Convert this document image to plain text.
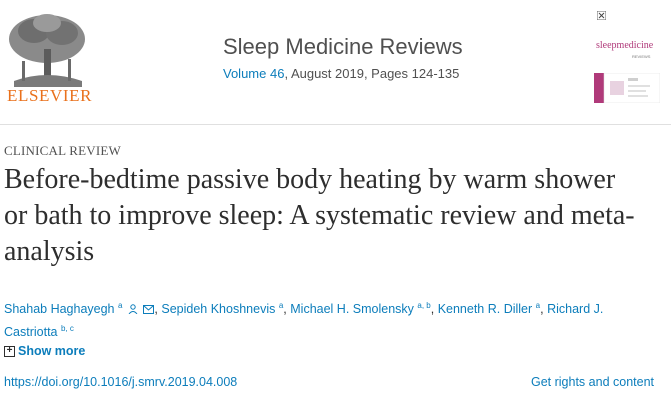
ELSEVIER
Sleep Medicine Reviews
Volume 46, August 2019, Pages 124-135
sleepmedicine
REVIEWS
CLINICAL REVIEW
Before-bedtime passive body heating by warm shower or bath to improve sleep: A systematic review and meta-analysis
Shahab Haghayegh $^a$	, Sepideh Khoshnevis $^a$, Michael H. Smolensky $^{a, b}$, Kenneth R. Diller $^a$, Richard J. Castriotta $^{b, c}$
+ Show more
https://doi.org/10.1016/j.smrv.2019.04.008	Get rights and content
